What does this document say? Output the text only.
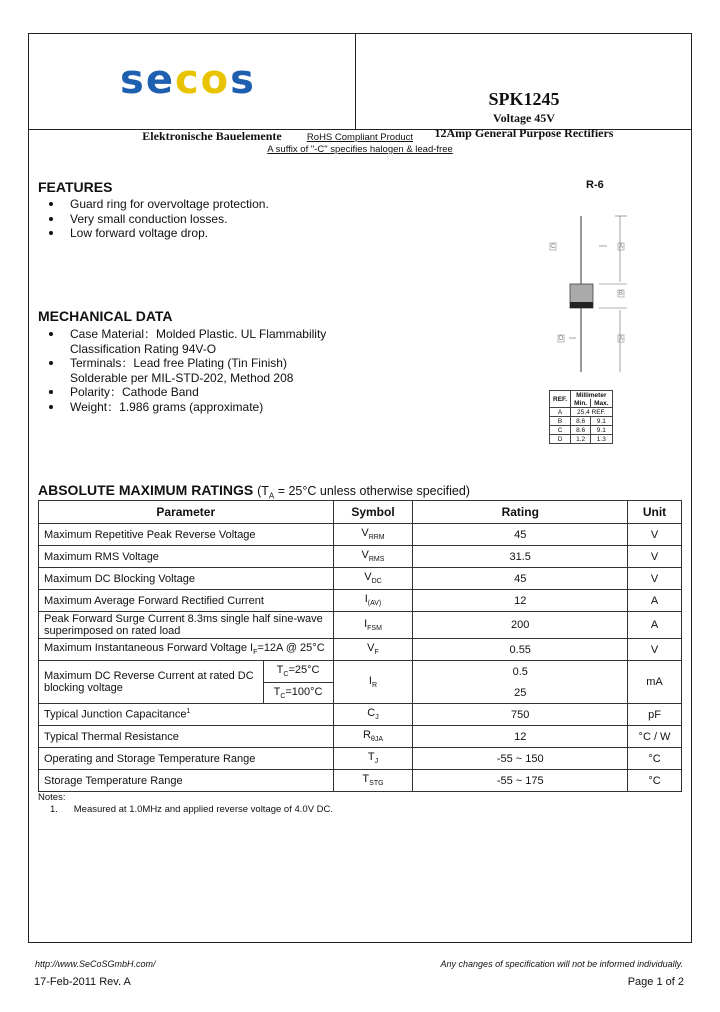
Elektronische Bauelemente
secos	SPK1245
Voltage 45V
12Amp General Purpose Rectifiers
RoHS Compliant Product
A suffix of "-C" specifies halogen & lead-free
FEATURES
Guard ring for overvoltage protection.
Very small conduction losses.
Low forward voltage drop.
MECHANICAL DATA
Case Material：Molded Plastic. UL Flammability
Classification Rating 94V-O
Terminals：Lead free Plating (Tin Finish)
Solderable per MIL-STD-202, Method 208
Polarity：Cathode Band
Weight：1.986 grams (approximate)
R-6
C	A
B
D	A
REF.	Millimeter	
	Min.	Max.
A	25.4 REF.	
B	8.6	9.1
C	8.6	9.1
D	1.2	1.3
ABSOLUTE MAXIMUM RATINGS ($T_A = 25^\circ C$ unless otherwise specified)
Parameter		Symbol	Rating	Unit
Maximum Repetitive Peak Reverse Voltage		$V_{RRM}$	45	V
Maximum RMS Voltage		$V_{RMS}$	31.5	V
Maximum DC Blocking Voltage		$V_{DC}$	45	V
Maximum Average Forward Rectified Current		$I_{(AV)}$	12	A
Peak Forward Surge Current 8.3ms single half sine-wave superimposed on rated load		$I_{FSM}$	200	A
Maximum Instantaneous Forward Voltage $I_F=12A$ @ 25°C		$V_F$	0.55	V
Maximum DC Reverse Current at rated DC blocking voltage	$T_C=25^\circ C$	$I_R$	0.5	mA
	$T_C=100^\circ C$		25	
Typical Junction Capacitance$^1$		$C_J$	750	pF
Typical Thermal Resistance		$R_{\theta JA}$	12	°C / W
Operating and Storage Temperature Range		$T_J$	-55 ~ 150	°C
Storage Temperature Range		$T_{STG}$	-55 ~ 175	°C
Notes:
1.      Measured at 1.0MHz and applied reverse voltage of 4.0V DC.
http://www.SeCoSGmbH.com/	Any changes of specification will not be informed individually.
17-Feb-2011 Rev. A	Page 1 of 2
